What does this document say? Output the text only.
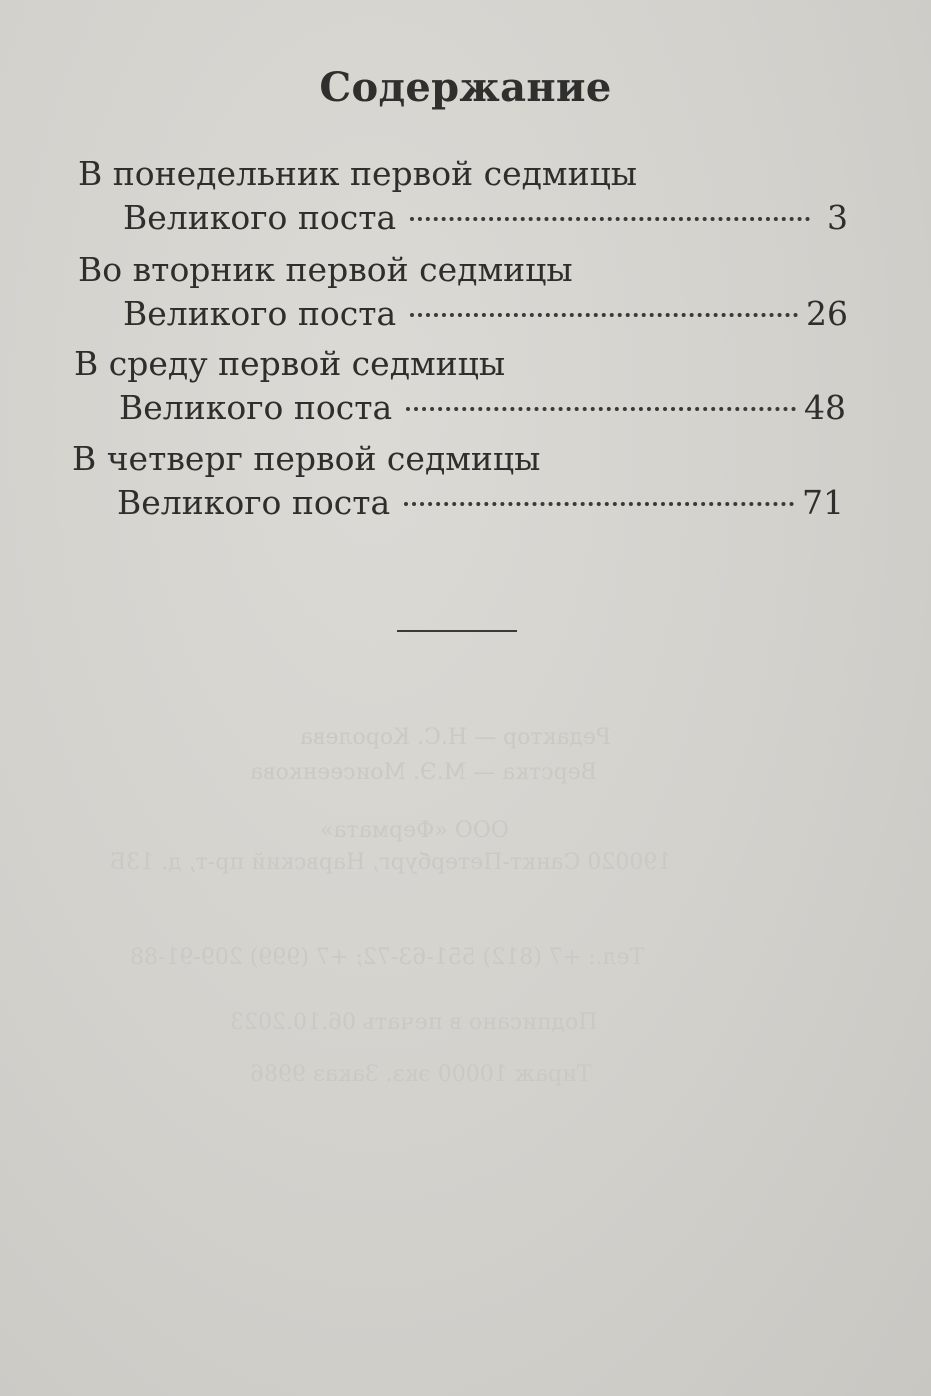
Редактор — Н.С. Королева
Верстка — М.Э. Моисеенкова
ООО «Фермата»
190020 Санкт-Петербург, Нарвский пр-т, д. 13Б
Тел.: +7 (812) 551-63-72; +7 (999) 209-91-88
Подписано в печать 06.10.2023
Тираж 10000 экз. Заказ 9986
Содержание
В понедельник первой седмицы
Великого поста	3
Во вторник первой седмицы
Великого поста	26
В среду первой седмицы
Великого поста	48
В четверг первой седмицы
Великого поста	71
